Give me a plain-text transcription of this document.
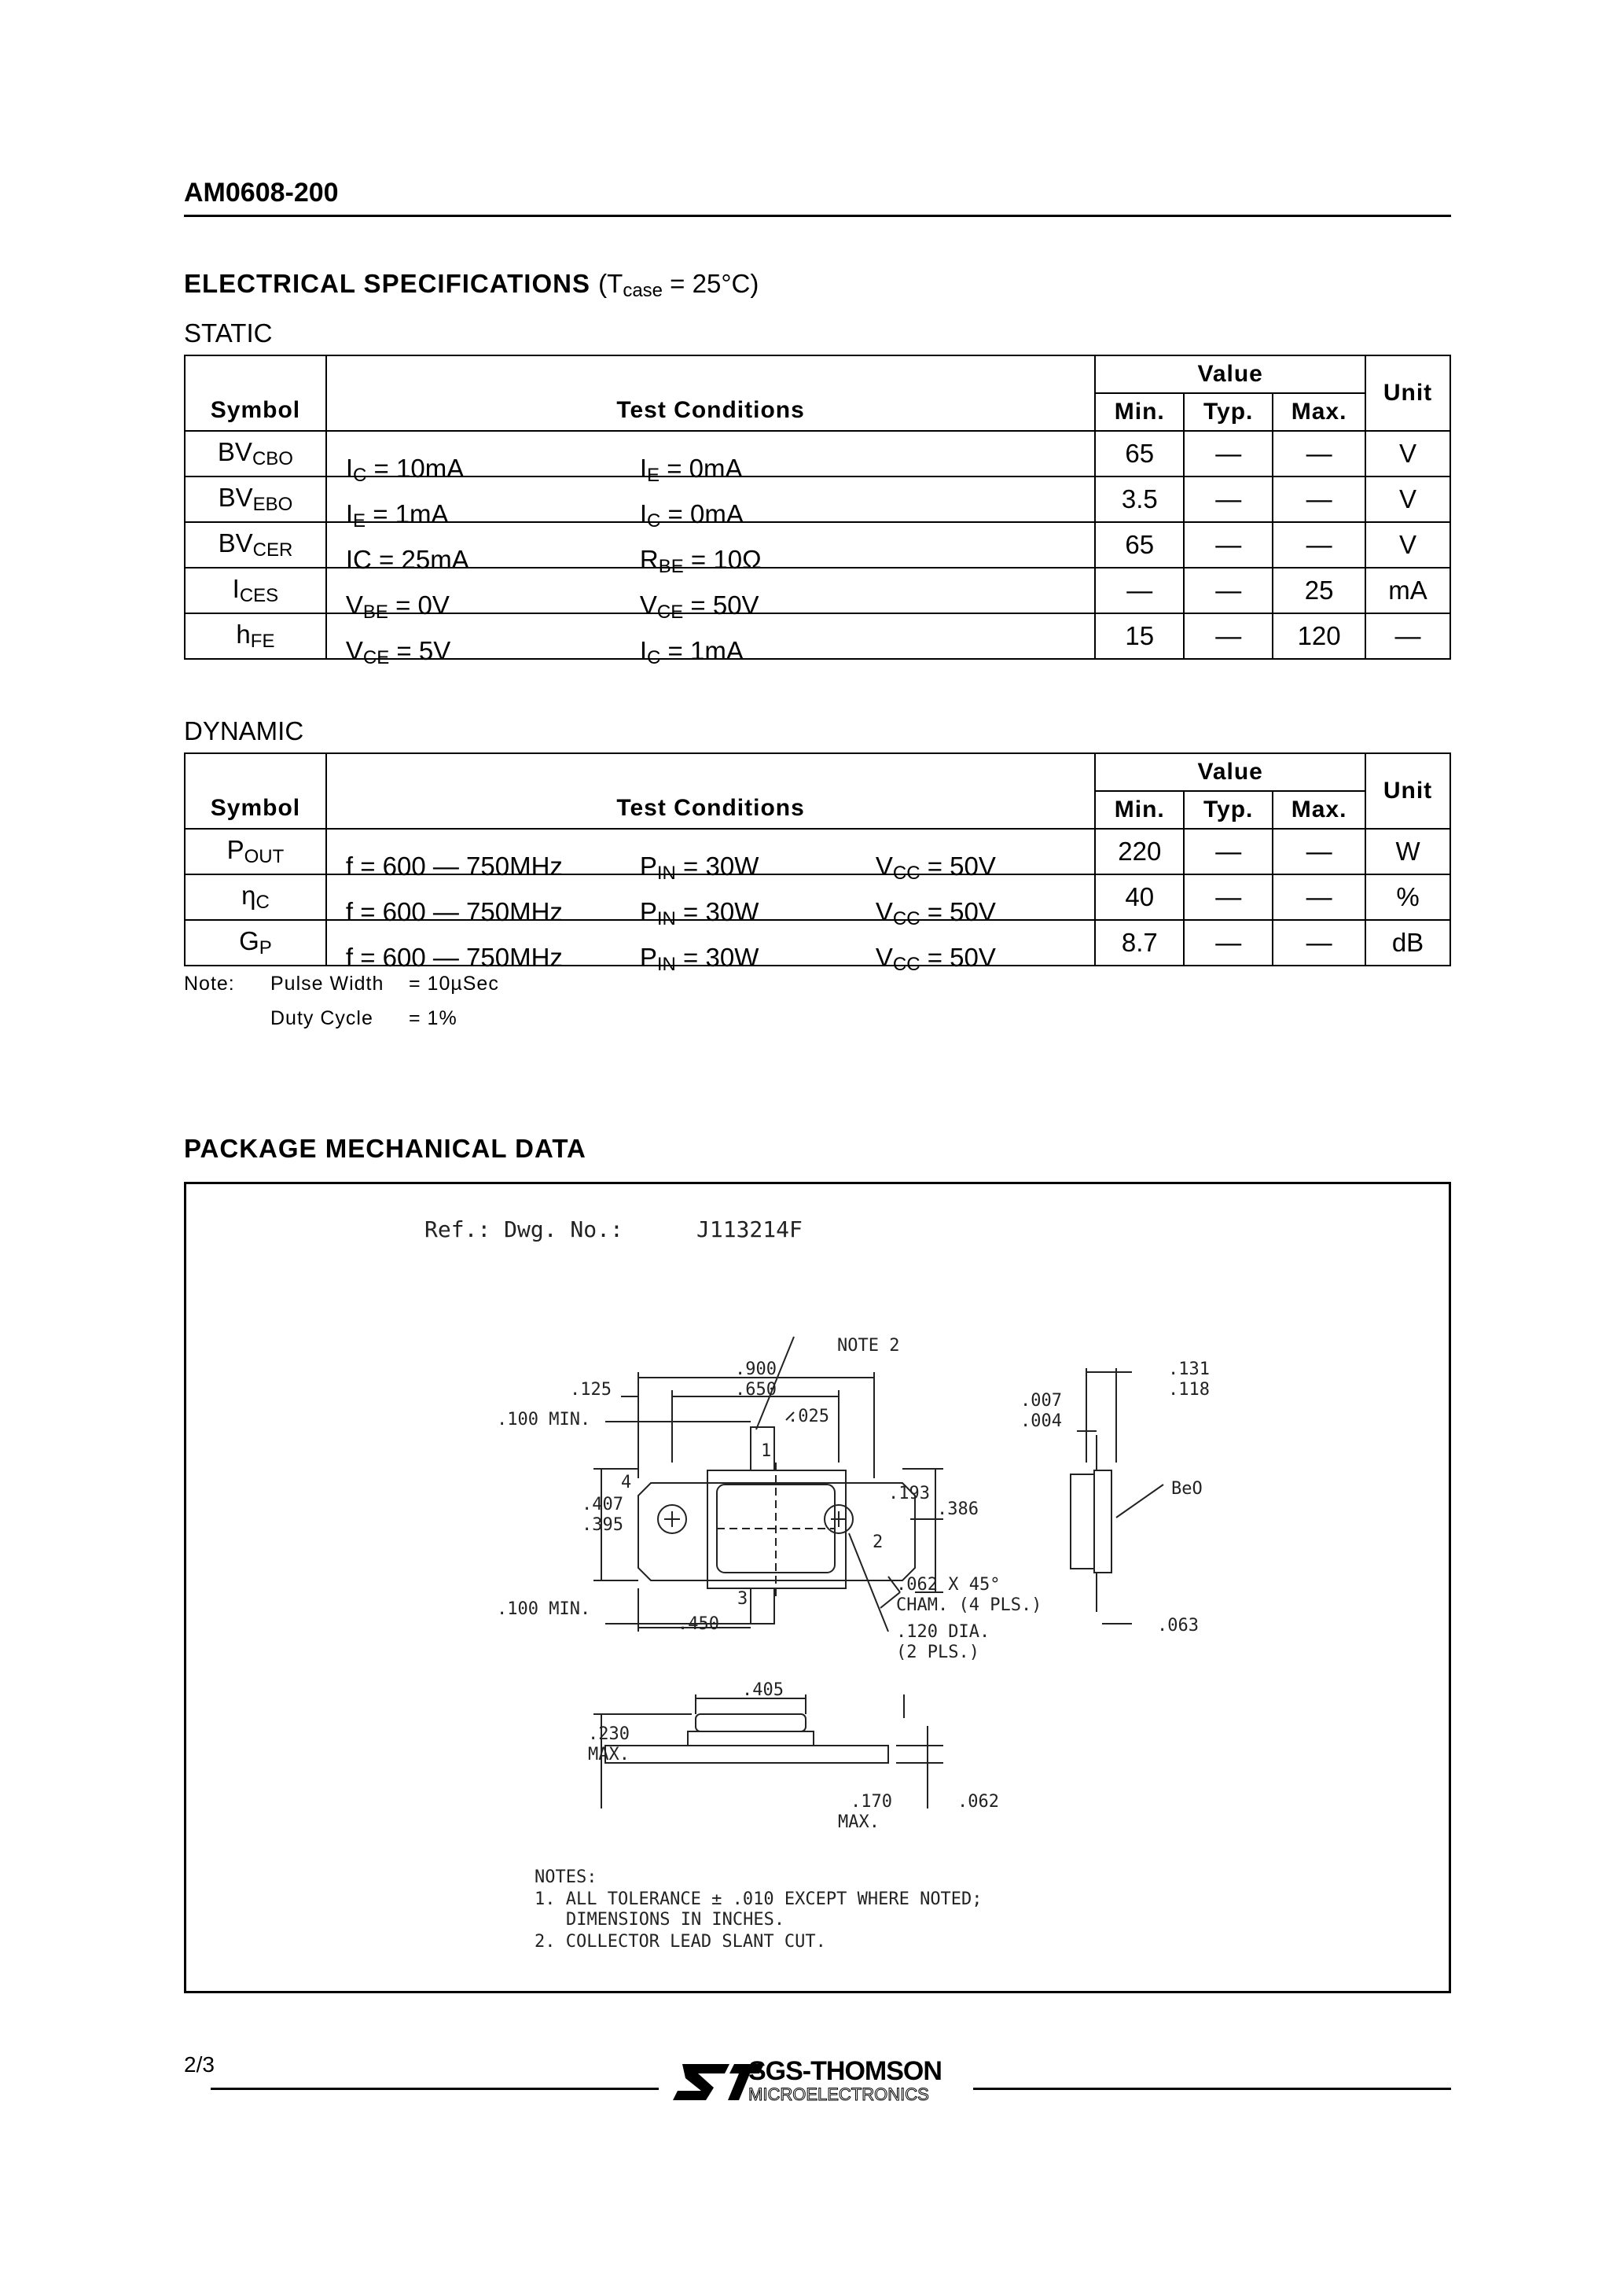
AM0608-200
ELECTRICAL SPECIFICATIONS $(T_{case} = 25^\circ C)$
STATIC
Symbol	Test Conditions	Value			Unit
		Min.	Typ.	Max.	
$BV_{CBO}$	$I_C = 10mA$ $I_E = 0mA$	65	—	—	V
$BV_{EBO}$	$I_E = 1mA$ $I_C = 0mA$	3.5	—	—	V
$BV_{CER}$	IC = 25mA $R_{BE} = 10\Omega$	65	—	—	V
$I_{CES}$	$V_{BE} = 0V$ $V_{CE} = 50V$	—	—	25	mA
$h_{FE}$	$V_{CE} = 5V$ $I_C = 1mA$	15	—	120	—
DYNAMIC
Symbol	Test Conditions	Value			Unit
		Min.	Typ.	Max.	
$P_{OUT}$	f = 600 — 750MHz $P_{IN} = 30W$ $V_{CC} = 50V$	220	—	—	W
$\eta_C$	f = 600 — 750MHz $P_{IN} = 30W$ $V_{CC} = 50V$	40	—	—	%
$G_P$	f = 600 — 750MHz $P_{IN} = 30W$ $V_{CC} = 50V$	8.7	—	—	dB
Note: Pulse Width = 10µSec
Duty Cycle = 1%
PACKAGE MECHANICAL DATA
Ref.: Dwg. No.:	J113214F
NOTE 2
.900
.650
.125
.100 MIN.	.025
1
4
.407
.395
.193
.386
2
3
.100 MIN.
.450
.062 X 45°
CHAM. (4 PLS.)
.120 DIA.
(2 PLS.)
.131
.118
.007
.004
BeO
.063
.405
.230
MAX.
.170
MAX.
.062
NOTES:
1. ALL TOLERANCE ± .010 EXCEPT WHERE NOTED;
DIMENSIONS IN INCHES.
2. COLLECTOR LEAD SLANT CUT.
2/3	SGS-THOMSON
MICROELECTRONICS
